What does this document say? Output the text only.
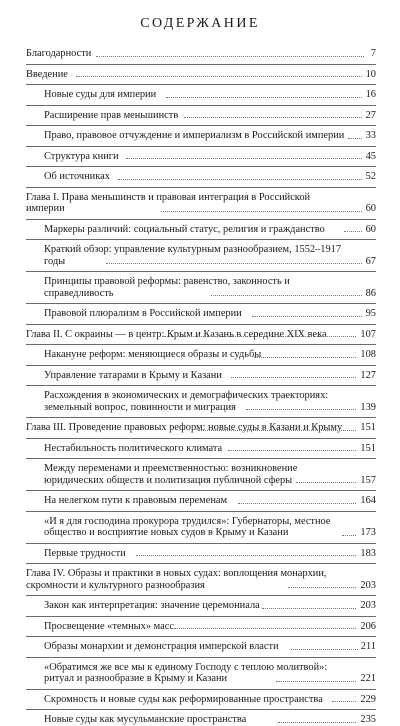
СОДЕРЖАНИЕ
Благодарности	7
Введение	10
Новые суды для империи	16
Расширение прав меньшинств	27
Право, правовое отчуждение и империализм в Российской империи 33
Структура книги	45
Об источниках	52
Глава I. Права меньшинств и правовая интеграция в Российской империи	60
Маркеры различий: социальный статус, религия и гражданство	60
Краткий обзор: управление культурным разнообразием, 1552–1917 годы	67
Принципы правовой реформы: равенство, законность и справедливость	86
Правовой плюрализм в Российской империи	95
Глава II. С окраины — в центр: Крым и Казань в середине XIX века	107
Накануне реформ: меняющиеся образы и судьбы	108
Управление татарами в Крыму и Казани	127
Расхождения в экономических и демографических траекториях: земельный вопрос, повинности и миграция	139
Глава III. Проведение правовых реформ: новые суды в Казани и Крыму 151
Нестабильность политического климата	151
Между переменами и преемственностью: возникновение юридических обществ и политизация публичной сферы	157
На нелегком пути к правовым переменам	164
«И я для господина прокурора трудился»: Губернаторы, местное общество и восприятие новых судов в Крыму и Казани	173
Первые трудности	183
Глава IV. Образы и практики в новых судах: воплощения монархии, скромности и культурного разнообразия	203
Закон как интерпретация: значение церемониала	203
Просвещение «темных» масс	206
Образы монархии и демонстрация имперской власти	211
«Обратимся же все мы к единому Господу с теплою молитвой»: ритуал и разнообразие в Крыму и Казани	221
Скромность и новые суды как реформированные пространства	229
Новые суды как мусульманские пространства	235
